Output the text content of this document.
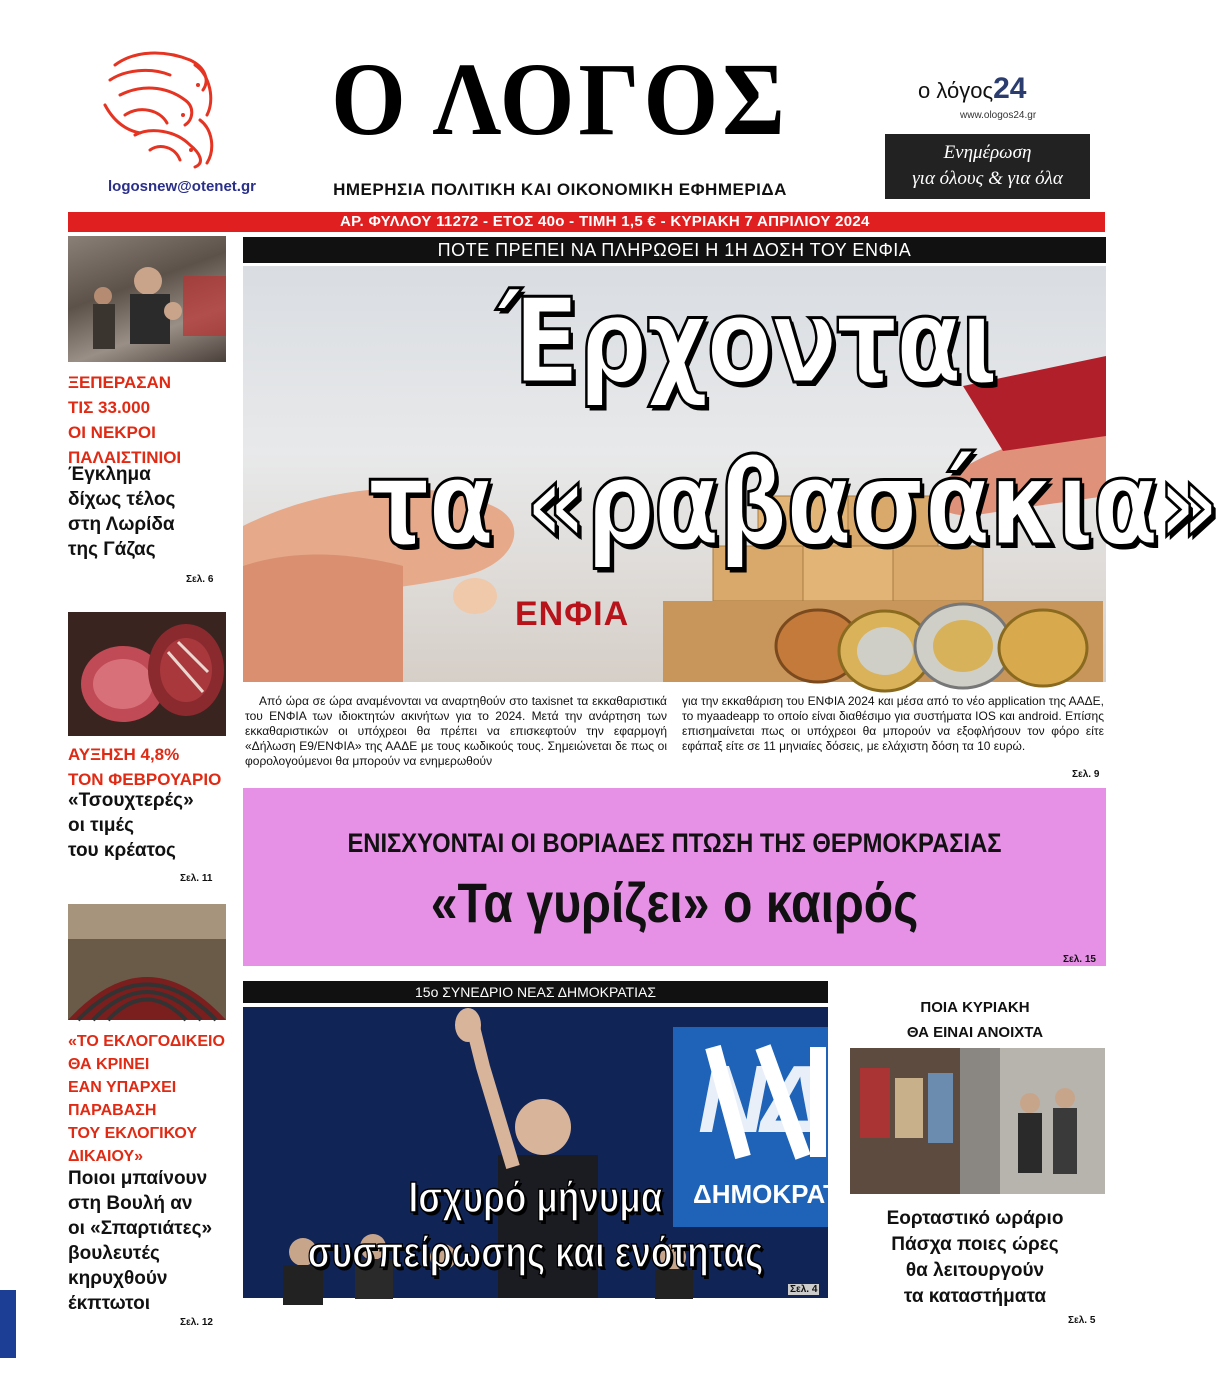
logosnew@otenet.gr
Ο ΛΟΓΟΣ
ΗΜΕΡΗΣΙΑ ΠΟΛΙΤΙΚΗ ΚΑΙ ΟΙΚΟΝΟΜΙΚΗ ΕΦΗΜΕΡΙΔΑ
ο λόγος24
www.ologos24.gr
Ενημέρωση
για όλους & για όλα
ΑΡ. ΦΥΛΛΟΥ 11272 - ΕΤΟΣ 40ο - ΤΙΜΗ 1,5 € - ΚΥΡΙΑΚΗ 7 ΑΠΡΙΛΙΟΥ 2024
ΞΕΠΕΡΑΣΑΝ
ΤΙΣ 33.000
ΟΙ ΝΕΚΡΟΙ
ΠΑΛΑΙΣΤΙΝΙΟΙ
Έγκλημα
δίχως τέλος
στη Λωρίδα
της Γάζας
Σελ. 6
ΑΥΞΗΣΗ 4,8%
ΤΟΝ ΦΕΒΡΟΥΑΡΙΟ
«Τσουχτερές»
οι τιμές
του κρέατος
Σελ. 11
«ΤΟ ΕΚΛΟΓΟΔΙΚΕΙΟ
ΘΑ ΚΡΙΝΕΙ
ΕΑΝ ΥΠΑΡΧΕΙ
ΠΑΡΑΒΑΣΗ
ΤΟΥ ΕΚΛΟΓΙΚΟΥ
ΔΙΚΑΙΟΥ»
Ποιοι μπαίνουν
στη Βουλή αν
οι «Σπαρτιάτες»
βουλευτές
κηρυχθούν
έκπτωτοι
Σελ. 12
ΠΟΤΕ ΠΡΕΠΕΙ ΝΑ ΠΛΗΡΩΘΕΙ Η 1Η ΔΟΣΗ ΤΟΥ ΕΝΦΙΑ
Έρχονται
τα «ραβασάκια»
ΕΝΦΙΑ
Από ώρα σε ώρα αναμένονται να αναρτηθούν στο taxisnet τα εκκαθαριστικά του ΕΝΦΙΑ των ιδιοκτητών ακινήτων για το 2024. Μετά την ανάρτηση των εκκαθαριστικών οι υπόχρεοι θα πρέπει να επισκεφτούν την εφαρμογή «Δήλωση Ε9/ΕΝΦΙΑ» της ΑΑΔΕ με τους κωδικούς τους. Σημειώνεται δε πως οι φορολογούμενοι θα μπορούν να ενημερωθούν
για την εκκαθάριση του ΕΝΦΙΑ 2024 και μέσα από το νέο application της ΑΑΔΕ, το myaadeapp το οποίο είναι διαθέσιμο για συστήματα IOS και android. Επίσης επισημαίνεται πως οι υπόχρεοι θα μπορούν να εξοφλήσουν τον φόρο είτε εφάπαξ είτε σε 11 μηνιαίες δόσεις, με ελάχιστη δόση τα 10 ευρώ.
Σελ. 9
ΕΝΙΣΧΥΟΝΤΑΙ ΟΙ ΒΟΡΙΑΔΕΣ ΠΤΩΣΗ ΤΗΣ ΘΕΡΜΟΚΡΑΣΙΑΣ
«Τα γυρίζει» ο καιρός
Σελ. 15
15ο ΣΥΝΕΔΡΙΟ ΝΕΑΣ ΔΗΜΟΚΡΑΤΙΑΣ
ΝΔ
ΔΗΜΟΚΡΑΤ
Ισχυρό μήνυμα
συσπείρωσης και ενότητας
Σελ. 4
ΠΟΙΑ ΚΥΡΙΑΚΗ
ΘΑ ΕΙΝΑΙ ΑΝΟΙΧΤΑ
Εορταστικό ωράριο
Πάσχα ποιες ώρες
θα λειτουργούν
τα καταστήματα
Σελ. 5
